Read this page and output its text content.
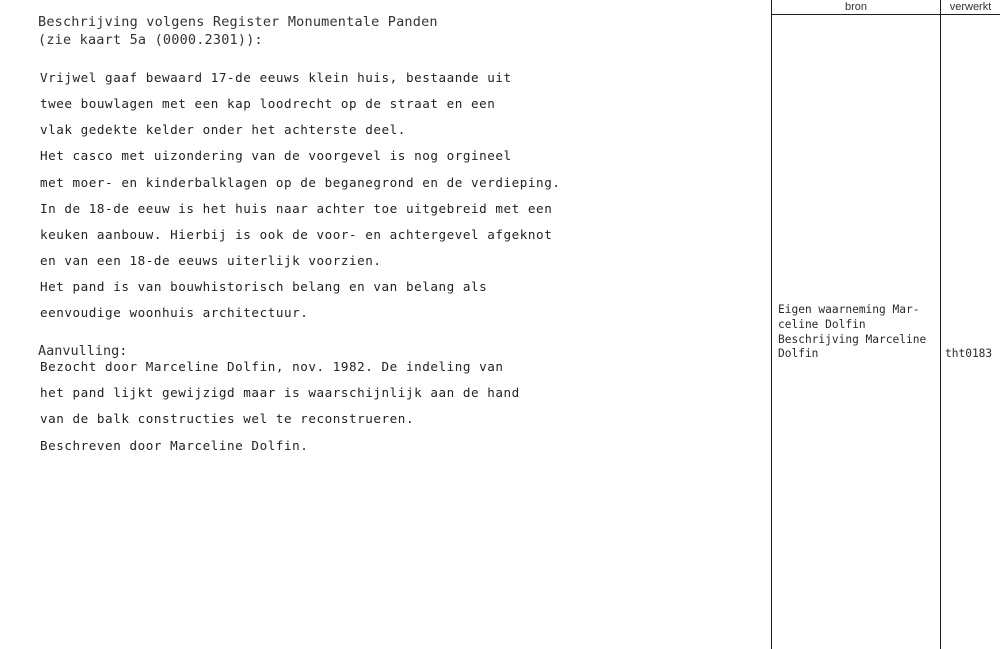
Beschrijving volgens Register Monumentale Panden
(zie kaart 5a (0000.2301)):
Vrijwel gaaf bewaard 17-de eeuws klein huis, bestaande uit
twee bouwlagen met een kap loodrecht op de straat en een
vlak gedekte kelder onder het achterste deel.
Het casco met uizondering van de voorgevel is nog orgineel
met moer- en kinderbalklagen op de beganegrond en de verdieping.
In de 18-de eeuw is het huis naar achter toe uitgebreid met een
keuken aanbouw. Hierbij is ook de voor- en achtergevel afgeknot
en van een 18-de eeuws uiterlijk voorzien.
Het pand is van bouwhistorisch belang en van belang als
eenvoudige woonhuis architectuur.
Aanvulling:
Bezocht door Marceline Dolfin, nov. 1982. De indeling van
het pand lijkt gewijzigd maar is waarschijnlijk aan de hand
van de balk constructies wel te reconstrueren.
Beschreven door Marceline Dolfin.
bron	verwerkt
Eigen waarneming Mar-
celine Dolfin
Beschrijving Marceline
Dolfin	tht0183
